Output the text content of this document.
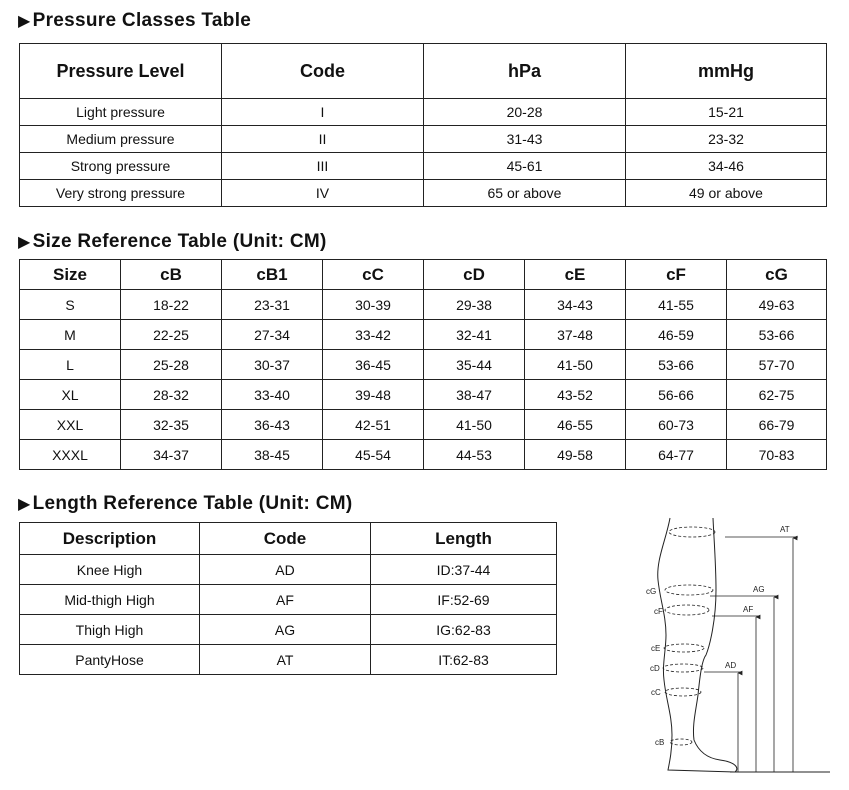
▶ Pressure Classes Table
Pressure Level	Code	hPa	mmHg
Light pressure	I	20-28	15-21
Medium pressure	II	31-43	23-32
Strong pressure	III	45-61	34-46
Very strong pressure	IV	65 or above	49 or above
▶ Size Reference Table (Unit: CM)
Size	cB	cB1	cC	cD	cE	cF	cG
S	18-22	23-31	30-39	29-38	34-43	41-55	49-63
M	22-25	27-34	33-42	32-41	37-48	46-59	53-66
L	25-28	30-37	36-45	35-44	41-50	53-66	57-70
XL	28-32	33-40	39-48	38-47	43-52	56-66	62-75
XXL	32-35	36-43	42-51	41-50	46-55	60-73	66-79
XXXL	34-37	38-45	45-54	44-53	49-58	64-77	70-83
▶ Length Reference Table (Unit: CM)
Description	Code	Length
Knee High	AD	ID:37-44
Mid-thigh High	AF	IF:52-69
Thigh High	AG	IG:62-83
PantyHose	AT	IT:62-83
cG
cF
cE
cD
cC
cB
AT
AG
AF
AD
